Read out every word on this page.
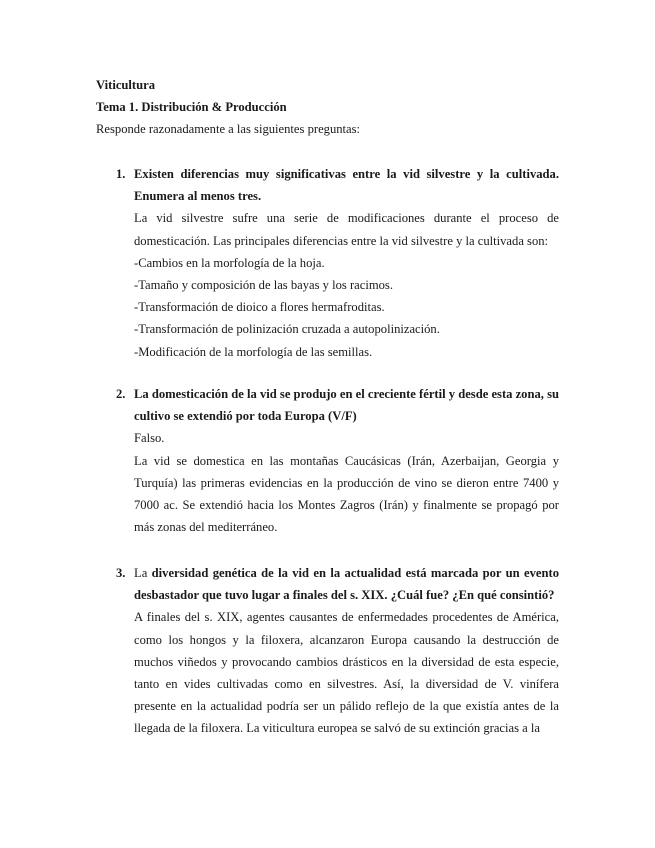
Viticultura
Tema 1. Distribución & Producción
Responde razonadamente a las siguientes preguntas:
1. Existen diferencias muy significativas entre la vid silvestre y la cultivada. Enumera al menos tres.
La vid silvestre sufre una serie de modificaciones durante el proceso de domesticación. Las principales diferencias entre la vid silvestre y la cultivada son:
-Cambios en la morfología de la hoja.
-Tamaño y composición de las bayas y los racimos.
-Transformación de dioico a flores hermafroditas.
-Transformación de polinización cruzada a autopolinización.
-Modificación de la morfología de las semillas.
2. La domesticación de la vid se produjo en el creciente fértil y desde esta zona, su cultivo se extendió por toda Europa (V/F)
Falso.
La vid se domestica en las montañas Caucásicas (Irán, Azerbaijan, Georgia y Turquía) las primeras evidencias en la producción de vino se dieron entre 7400 y 7000 ac. Se extendió hacia los Montes Zagros (Irán) y finalmente se propagó por más zonas del mediterráneo.
3. La diversidad genética de la vid en la actualidad está marcada por un evento desbastador que tuvo lugar a finales del s. XIX. ¿Cuál fue? ¿En qué consintió?
A finales del s. XIX, agentes causantes de enfermedades procedentes de América, como los hongos y la filoxera, alcanzaron Europa causando la destrucción de muchos viñedos y provocando cambios drásticos en la diversidad de esta especie, tanto en vides cultivadas como en silvestres. Así, la diversidad de V. vinífera presente en la actualidad podría ser un pálido reflejo de la que existía antes de la llegada de la filoxera. La viticultura europea se salvó de su extinción gracias a la
